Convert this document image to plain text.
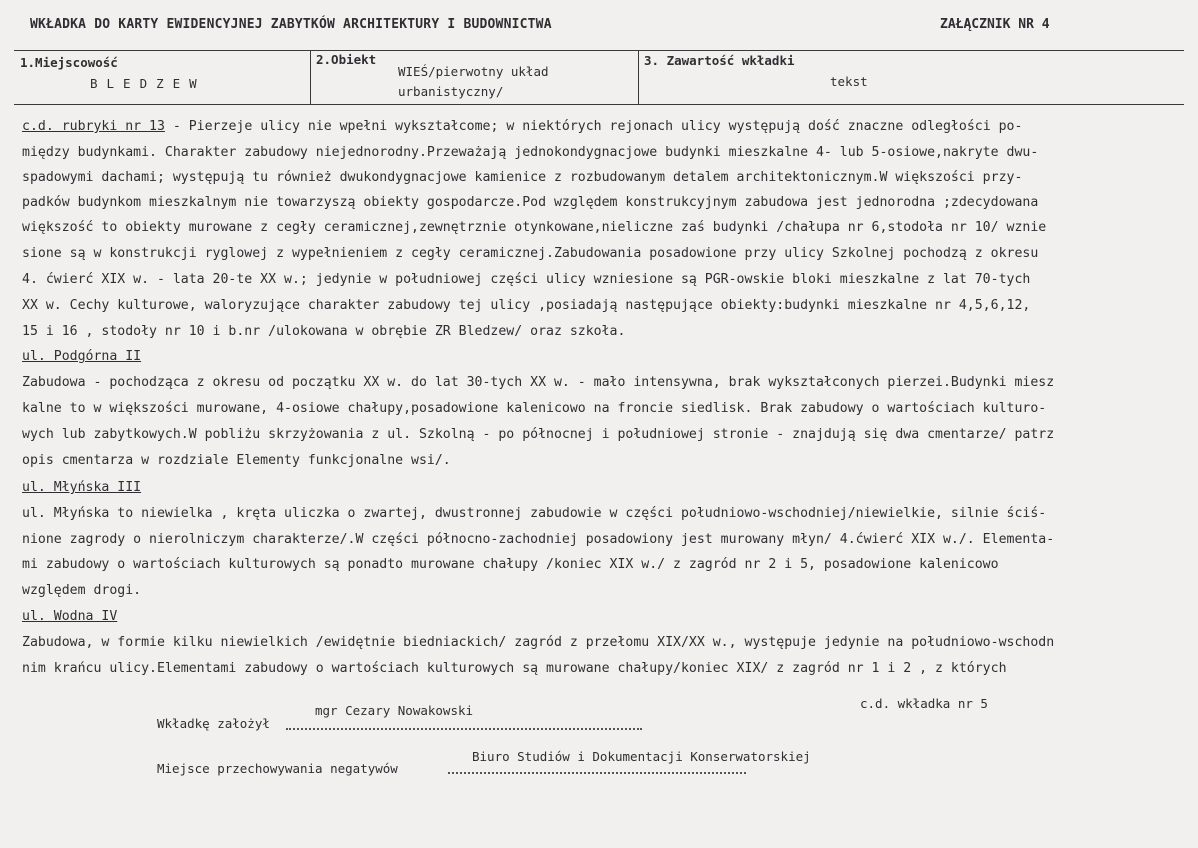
WKŁADKA DO KARTY EWIDENCYJNEJ ZABYTKÓW ARCHITEKTURY I BUDOWNICTWA	ZAŁĄCZNIK NR 4
1.Miejscowość
BLEDZEW
2.Obiekt
WIEŚ/pierwotny układ
urbanistyczny/
3. Zawartość wkładki
tekst
c.d. rubryki nr 13 - Pierzeje ulicy nie wpełni wykształcome; w niektórych rejonach ulicy występują dość znaczne odległości po-
między budynkami. Charakter zabudowy niejednorodny.Przeważają jednokondygnacjowe budynki mieszkalne 4- lub 5-osiowe,nakryte dwu-
spadowymi dachami; występują tu również dwukondygnacjowe kamienice z rozbudowanym detalem architektonicznym.W większości przy-
padków budynkom mieszkalnym nie towarzyszą obiekty gospodarcze.Pod względem konstrukcyjnym zabudowa jest jednorodna ;zdecydowana
większość to obiekty murowane z cegły ceramicznej,zewnętrznie otynkowane,nieliczne zaś budynki /chałupa nr 6,stodoła nr 10/ wznie
sione są w konstrukcji ryglowej z wypełnieniem z cegły ceramicznej.Zabudowania posadowione przy ulicy Szkolnej pochodzą z okresu
4. ćwierć XIX w. - lata 20-te XX w.; jedynie w południowej części ulicy wzniesione są PGR-owskie bloki mieszkalne z lat 70-tych
XX w. Cechy kulturowe, waloryzujące charakter zabudowy tej ulicy ,posiadają następujące obiekty:budynki mieszkalne nr 4,5,6,12,
15 i 16 , stodoły nr 10 i b.nr /ulokowana w obrębie ZR Bledzew/ oraz szkoła.
ul. Podgórna II
Zabudowa - pochodząca z okresu od początku XX w. do lat 30-tych XX w. - mało intensywna, brak wykształconych pierzei.Budynki miesz
kalne to w większości murowane, 4-osiowe chałupy,posadowione kalenicowo na froncie siedlisk. Brak zabudowy o wartościach kulturo-
wych lub zabytkowych.W pobliżu skrzyżowania z ul. Szkolną - po północnej i południowej stronie - znajdują się dwa cmentarze/ patrz
opis cmentarza w rozdziale Elementy funkcjonalne wsi/.
ul. Młyńska III
ul. Młyńska to niewielka , kręta uliczka o zwartej, dwustronnej zabudowie w części południowo-wschodniej/niewielkie, silnie ściś-
nione zagrody o nierolniczym charakterze/.W części północno-zachodniej posadowiony jest murowany młyn/ 4.ćwierć XIX w./. Elementa-
mi zabudowy o wartościach kulturowych są ponadto murowane chałupy /koniec XIX w./ z zagród nr 2 i 5, posadowione kalenicowo
względem drogi.
ul. Wodna IV
Zabudowa, w formie kilku niewielkich /ewidętnie biedniackich/ zagród z przełomu XIX/XX w., występuje jedynie na południowo-wschodn
nim krańcu ulicy.Elementami zabudowy o wartościach kulturowych są murowane chałupy/koniec XIX/ z zagród nr 1 i 2 , z których
mgr Cezary Nowakowski	c.d. wkładka nr 5
Wkładkę założył
Biuro Studiów i Dokumentacji Konserwatorskiej
Miejsce przechowywania negatywów
